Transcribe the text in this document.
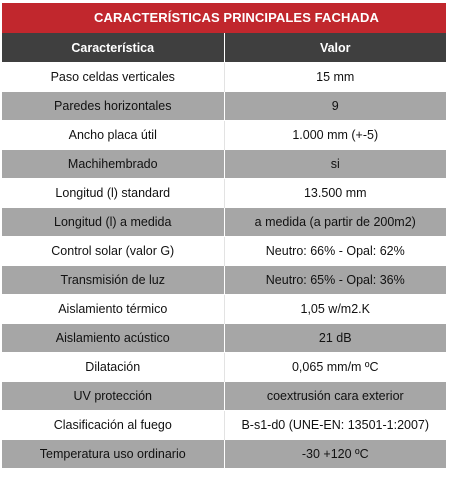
CARACTERÍSTICAS PRINCIPALES FACHADA
Característica	Valor
Paso celdas verticales	15 mm
Paredes horizontales	9
Ancho placa útil	1.000 mm (+-5)
Machihembrado	si
Longitud (l) standard	13.500 mm
Longitud (l) a medida	a medida (a partir de 200m2)
Control solar (valor G)	Neutro: 66% - Opal: 62%
Transmisión de luz	Neutro: 65% - Opal: 36%
Aislamiento térmico	1,05 w/m2.K
Aislamiento acústico	21 dB
Dilatación	0,065 mm/m ºC
UV protección	coextrusión cara exterior
Clasificación al fuego	B-s1-d0 (UNE-EN: 13501-1:2007)
Temperatura uso ordinario	-30 +120 ºC
